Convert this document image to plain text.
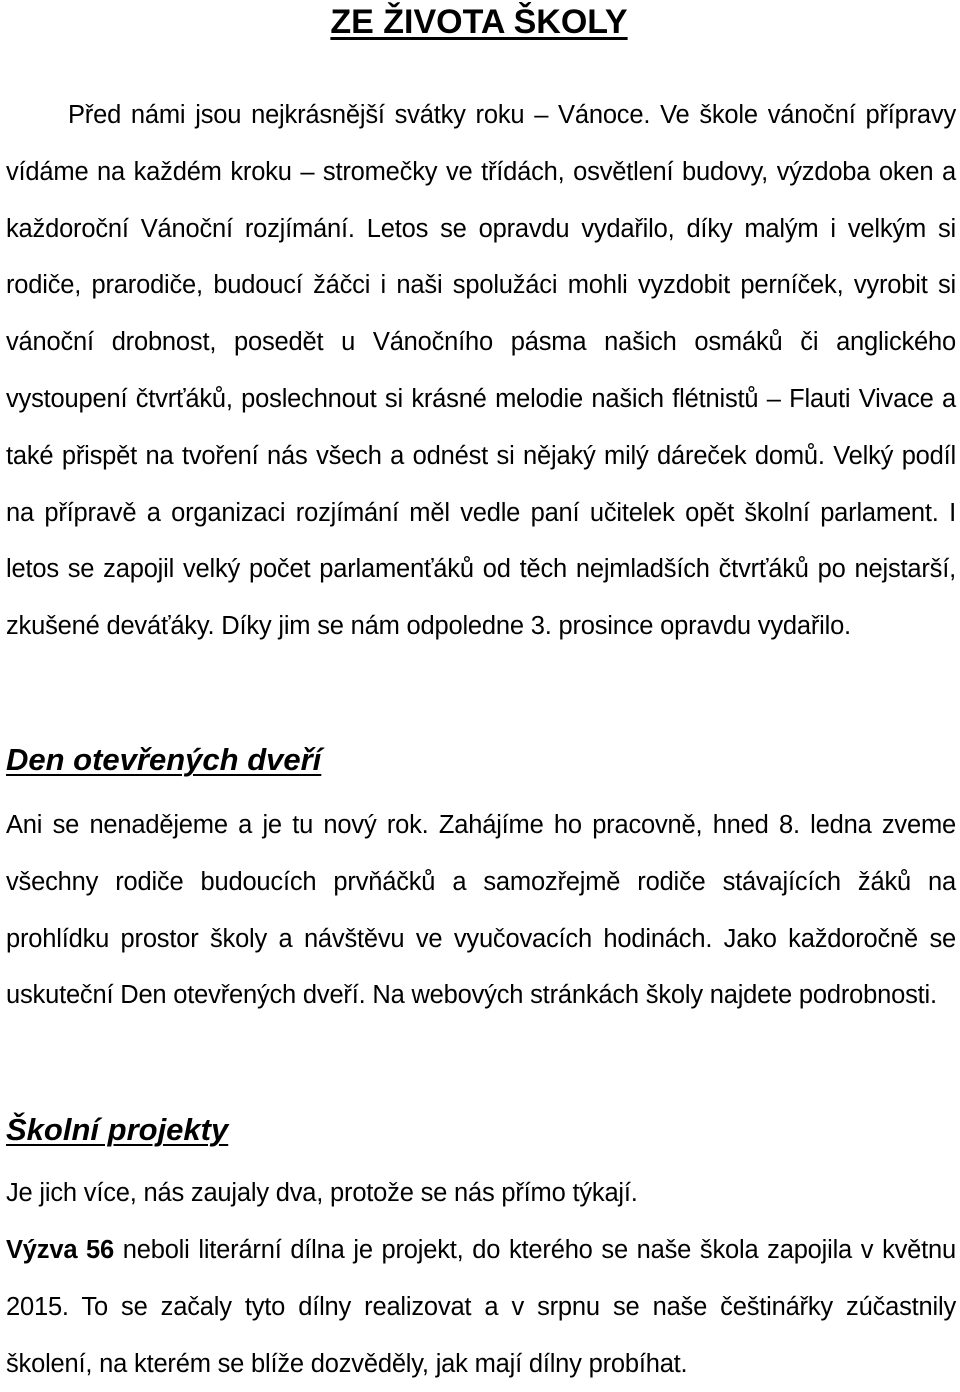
ZE ŽIVOTA ŠKOLY

Před námi jsou nejkrásnější svátky roku – Vánoce. Ve škole vánoční přípravy vídáme na každém kroku – stromečky ve třídách, osvětlení budovy, výzdoba oken a každoroční Vánoční rozjímání. Letos se opravdu vydařilo, díky malým i velkým si rodiče, prarodiče, budoucí žáčci i naši spolužáci mohli vyzdobit perníček, vyrobit si vánoční drobnost, posedět u Vánočního pásma našich osmáků či anglického vystoupení čtvrťáků, poslechnout si krásné melodie našich flétnistů – Flauti Vivace a také přispět na tvoření nás všech a odnést si nějaký milý dáreček domů. Velký podíl na přípravě a organizaci rozjímání měl vedle paní učitelek opět školní parlament. I letos se zapojil velký počet parlamenťáků od těch nejmladších čtvrťáků po nejstarší, zkušené deváťáky. Díky jim se nám odpoledne 3. prosince opravdu vydařilo.

Den otevřených dveří

Ani se nenadějeme a je tu nový rok. Zahájíme ho pracovně, hned 8. ledna zveme všechny rodiče budoucích prvňáčků a samozřejmě rodiče stávajících žáků na prohlídku prostor školy a návštěvu ve vyučovacích hodinách. Jako každoročně se uskuteční Den otevřených dveří. Na webových stránkách školy najdete podrobnosti.

Školní projekty

Je jich více, nás zaujaly dva, protože se nás přímo týkají.

Výzva 56 neboli literární dílna je projekt, do kterého se naše škola zapojila v květnu 2015. To se začaly tyto dílny realizovat a v srpnu se naše češtinářky zúčastnily školení, na kterém se blíže dozvěděly, jak mají dílny probíhat.
